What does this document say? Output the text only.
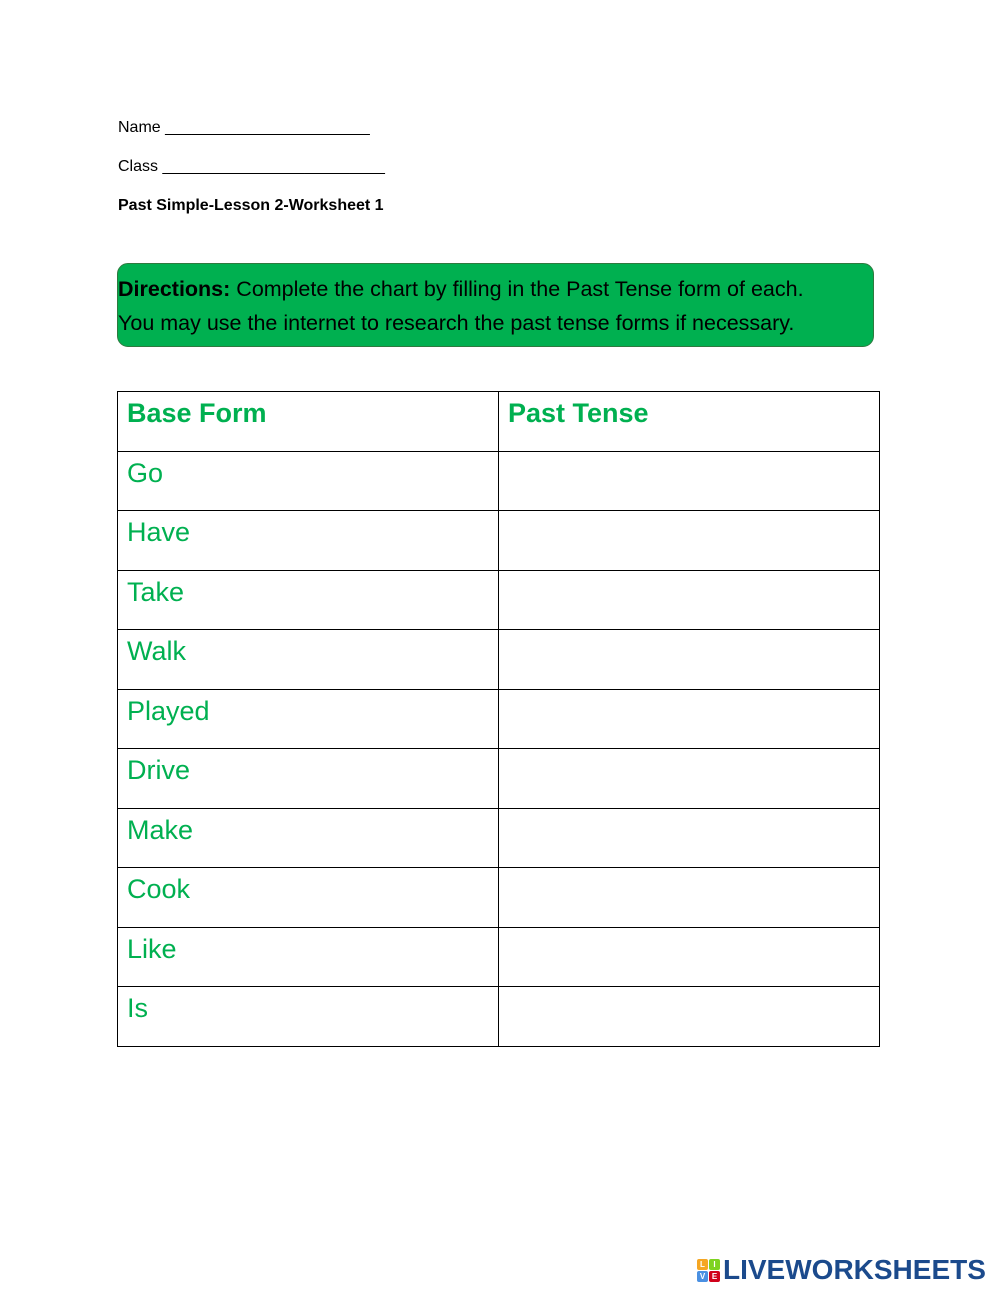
Name _______________________
Class _________________________
Past Simple-Lesson 2-Worksheet 1
Directions: Complete the chart by filling in the Past Tense form of each.
You may use the internet to research the past tense forms if necessary.
Base Form	Past Tense
Go	
Have	
Take	
Walk	
Played	
Drive	
Make	
Cook	
Like	
Is	
L	I
V E LIVEWORKSHEETS
